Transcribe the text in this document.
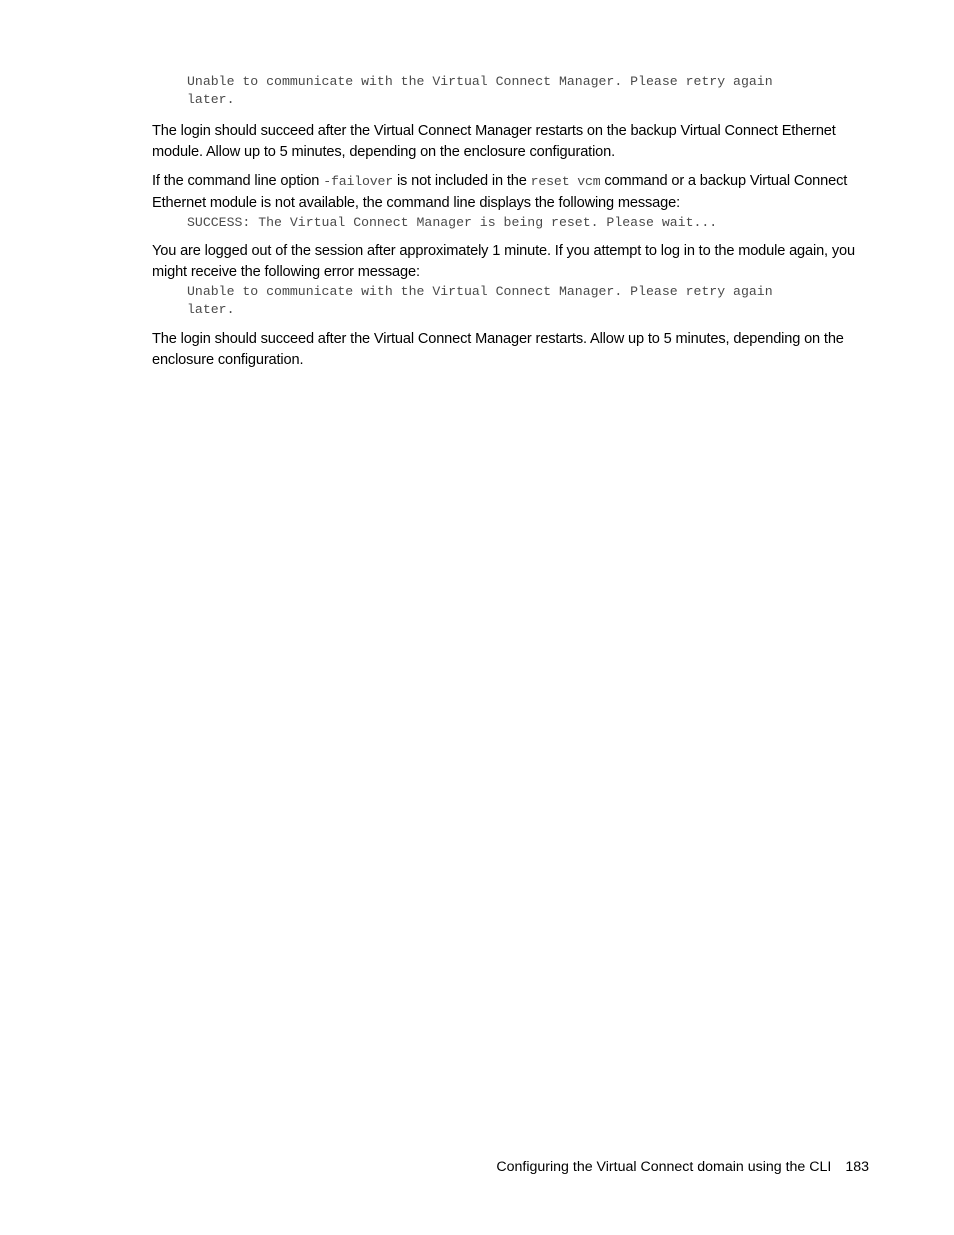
Unable to communicate with the Virtual Connect Manager. Please retry again
later.

The login should succeed after the Virtual Connect Manager restarts on the backup Virtual Connect Ethernet module. Allow up to 5 minutes, depending on the enclosure configuration.

If the command line option -failover is not included in the reset vcm command or a backup Virtual Connect Ethernet module is not available, the command line displays the following message:

SUCCESS: The Virtual Connect Manager is being reset. Please wait...

You are logged out of the session after approximately 1 minute. If you attempt to log in to the module again, you might receive the following error message:

Unable to communicate with the Virtual Connect Manager. Please retry again
later.

The login should succeed after the Virtual Connect Manager restarts. Allow up to 5 minutes, depending on the enclosure configuration.

Configuring the Virtual Connect domain using the CLI 183
